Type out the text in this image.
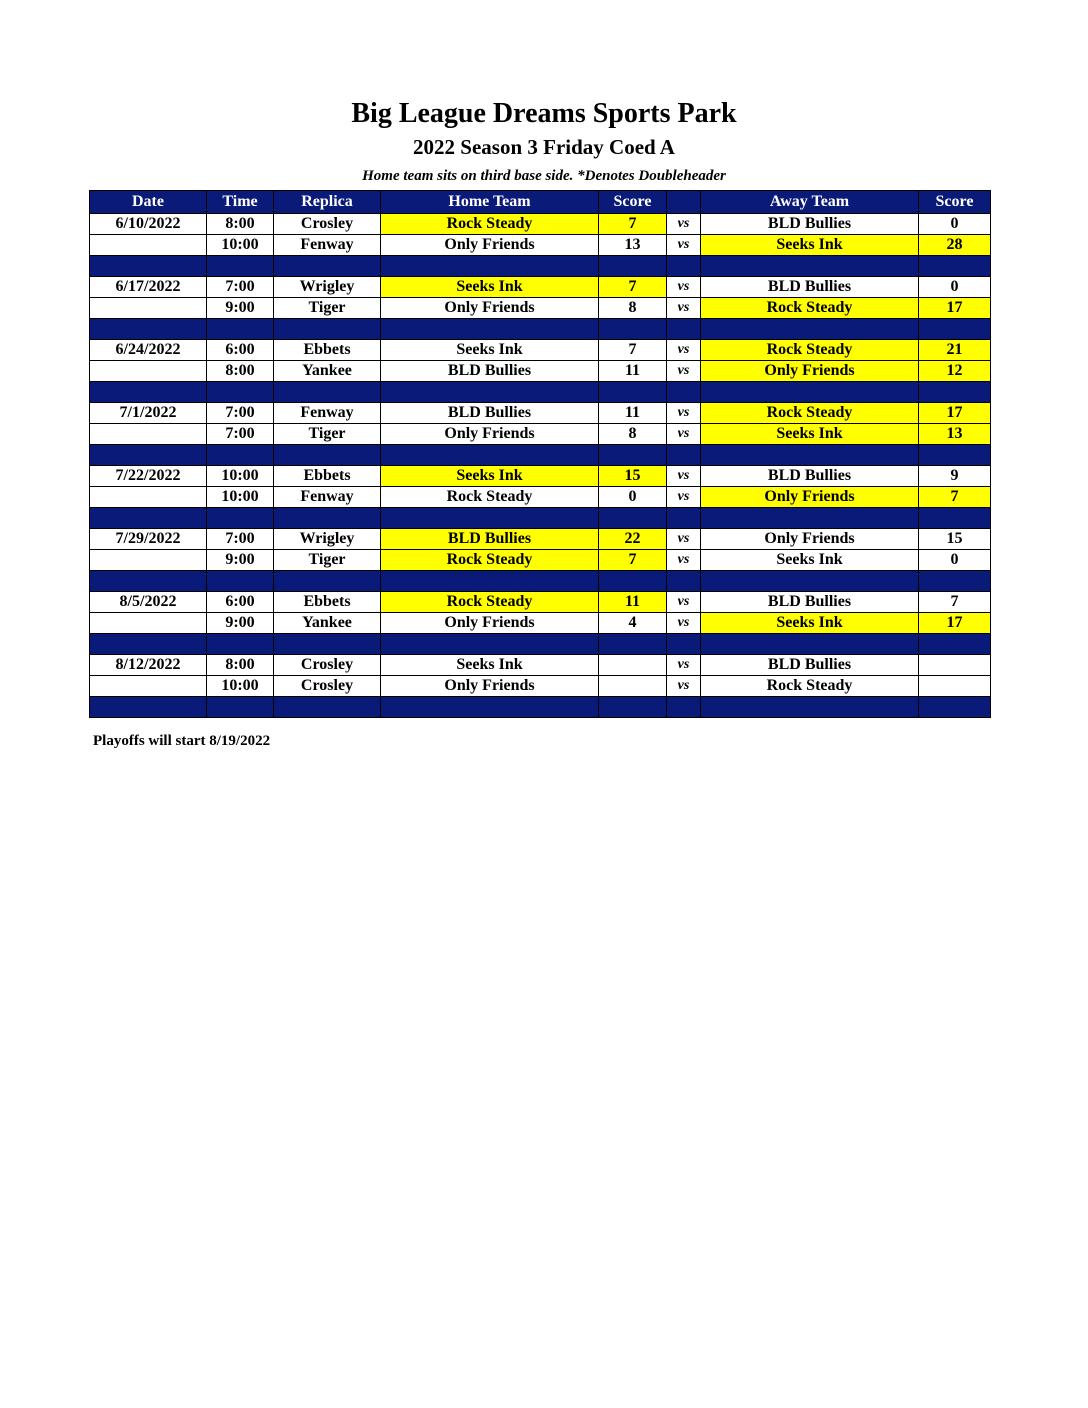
Big League Dreams Sports Park
2022 Season 3 Friday Coed A

Home team sits on third base side. *Denotes Doubleheader

Date	Time	Replica	Home Team	Score		Away Team	Score
6/10/2022	8:00	Crosley	Rock Steady	7	vs	BLD Bullies	0
	10:00	Fenway	Only Friends	13	vs	Seeks Ink	28

6/17/2022	7:00	Wrigley	Seeks Ink	7	vs	BLD Bullies	0
	9:00	Tiger	Only Friends	8	vs	Rock Steady	17

6/24/2022	6:00	Ebbets	Seeks Ink	7	vs	Rock Steady	21
	8:00	Yankee	BLD Bullies	11	vs	Only Friends	12

7/1/2022	7:00	Fenway	BLD Bullies	11	vs	Rock Steady	17
	7:00	Tiger	Only Friends	8	vs	Seeks Ink	13

7/22/2022	10:00	Ebbets	Seeks Ink	15	vs	BLD Bullies	9
	10:00	Fenway	Rock Steady	0	vs	Only Friends	7

7/29/2022	7:00	Wrigley	BLD Bullies	22	vs	Only Friends	15
	9:00	Tiger	Rock Steady	7	vs	Seeks Ink	0

8/5/2022	6:00	Ebbets	Rock Steady	11	vs	BLD Bullies	7
	9:00	Yankee	Only Friends	4	vs	Seeks Ink	17

8/12/2022	8:00	Crosley	Seeks Ink		vs	BLD Bullies	
	10:00	Crosley	Only Friends		vs	Rock Steady	

Playoffs will start 8/19/2022
